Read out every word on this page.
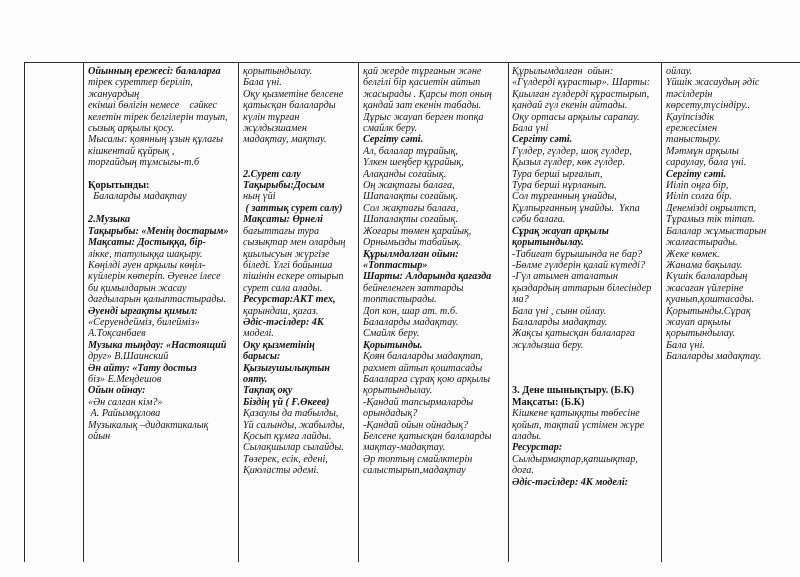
Ойынның ережесі: балаларға

тірек суреттер беріліп,

жануардың

екінші бөлігін немесе    сәйкес

келетін тірек белгілерін тауып,

сызық арқылы қосу.

Мысалы: қоянның ұзын құлағы

кішкентай құйрық ,

торғайдың тұмсығы-т.б

Қорытынды:

Балаларды мадақтау

2.Музыка

Тақырыбы: «Менің достарым»

Мақсаты: Достыққа, бір-

лікке, татулыққа шақыру.

Көңілді әуен арқылы көңіл-

күйлерін көтеріп. Әуенге ілесе

би қимылдарын жасау

дағдыларын қалыптастырады.

Әуенді ырғақты қимыл:

«Серуендейміз, билейміз»

А.Тоқсанбаев

Музыка тыңдау: «Настоящий

друг» В.Шаинский

Ән айту: «Тату достыз

біз» Е.Меңдешов

Ойын ойнау:

«Ән салған кім?»

А. Райымқұлова

Музыкалық –дидактикалық

ойын

қорытындылау.

Бала үні.

Оқу қызметіне белсене

қатысқан балаларды

күлін тұрған

жұлдызшамен

мадақтау, мақтау.

2.Сурет салу

Тақырыбы:Досым

ның үйі

( заттық сурет салу)

Мақсаты: Өрнелі

бағыттағы тура

сызықтар мен олардың

қиылысуын жүргізе

біледі. Үлгі бойынша

пішінін ескере отырып

сурет сала алады.

Ресурстар:АКТ тех,

қарындаш, қағаз.

Әдіс-тәсілдер: 4К

моделі.

Оқу қызметінің

барысы:

Қызығушылықтын

ояту.

Тақпақ оқу

Біздің үй ( Ғ.Өкеев)

Қазаулы да табылды,

Үй салынды, жабылды,

Қосып құмға лайды.

Сылақшылар сылайды.

Төзерек, есік, едені,

Қиюласты әдемі.

қай жерде тұрғанын және

белгілі бір қасиетін айтып

жасырады . Қарсы топ оның

қандай зат екенін табады.

Дұрыс жауап берген топқа

смайлк беру.

Сергіту сәті.

Ал, балалар тұрайық,

Үлкен шеңбер құрайық,

Алақанды соғайық.

Оң жақтағы балаға,

Шапалақты соғайық.

Сол жақтағы балаға,

Шапалақты соғайық.

Жоғары төмен қарайық,

Орнымызды табайық.

Құрылмдалған ойын:

«Топтастыр»

Шарты: Алдарында қағазда

бейнеленген заттарды

топтастырады.

Доп кон, шар ат. т.б.

Балаларды мадақтау.

Смайлк беру.

Қорытынды.

Қоян балаларды мадақтап,

рахмет айтып қоштасады

Балаларға сұрақ қою арқылы

қорытындылау.

-Қандай тапсырмаларды

орындадық?

-Қандай ойын ойнадық?

Белсене қатысқан балаларды

мақтау-мадақтау.

Әр топтың смайлктерін

салыстырып,мадақтау

Құрылымдалған  ойын:

«Гүлдерді құрастыр». Шарты:

Қиылған гүлдерді құрастырып,

қандай гүл екенін айтады.

Оқу ортасы арқылы сарапау.

Бала үні

Сергіту сәті.

Гүлдер, гүлдер, шоқ гүлдер,

Қызыл гүлдер, көк гүлдер.

Тура берші ырғалып,

Тура берші нұрланып.

Сол тұрғанның ұнайды,

Құлпырғанның ұнайды.  Үкпа

сәби балаға.

Сұрақ жауап арқылы

қорытындылау.

-Табиғат бұрышында не бар?

-Бөлме гүлдерін қалай күтеді?

-Гүл атымен аталатын

қыздардың аттарын білесіндер

ма?

Бала үні , сынн ойлау.

Балаларды мадақтау.

Жақсы қатысқан балаларға

жұлдызша беру.

3. Дене шынықтыру. (Б.К)

Мақсаты: (Б.К)

Кішкене қатыққты төбесіне

қойып, тақтай үстімен жүре

алады.

Ресурстар:

Сылдырмақтар,қапшықтар,

доға.

Әдіс-тәсілдер: 4К моделі:

ойлау.

Үйшік жасаудың әдіс

тәсілдерін

көрсету,түсіндіру..

Қауіпсіздік

ережесімен

таныстыру.

Мәтмұн арқылы

сараулау, бала үні.

Сергіту сәті.

Иіліп оңға бір,

Иіліп солға бір.

Денемізді оңрылтсп,

Тұрамыз тік тітап.

Балалар жұмыстарын

жалғастырады.

Жеке көмек.

Жанама бақылау.

Күшік балалардың

жасаған үйлеріне

қуанып,қоштасады.

Қорытынды.Сұрақ

жауап арқылы

қорытындылау.

Бала үні.

Балаларды мадақтау.
